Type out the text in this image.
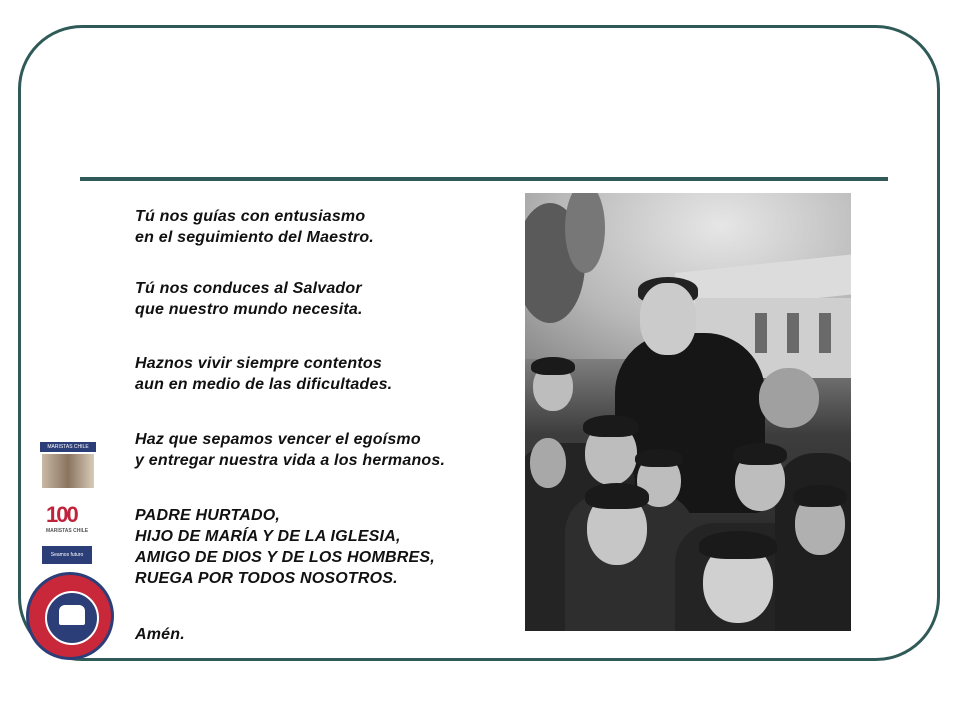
Tú nos guías con entusiasmo
en el seguimiento del Maestro.

Tú nos conduces al Salvador
que nuestro mundo necesita.

Haznos vivir siempre contentos
aun en medio de las dificultades.

Haz que sepamos vencer el egoísmo
y entregar nuestra vida a los hermanos.

PADRE HURTADO,
HIJO DE MARÍA Y DE LA IGLESIA,
AMIGO DE DIOS Y DE LOS HOMBRES,
RUEGA POR TODOS NOSOTROS.

Amén.

MARISTAS CHILE
100
MARISTAS CHILE
Seamos futuro
